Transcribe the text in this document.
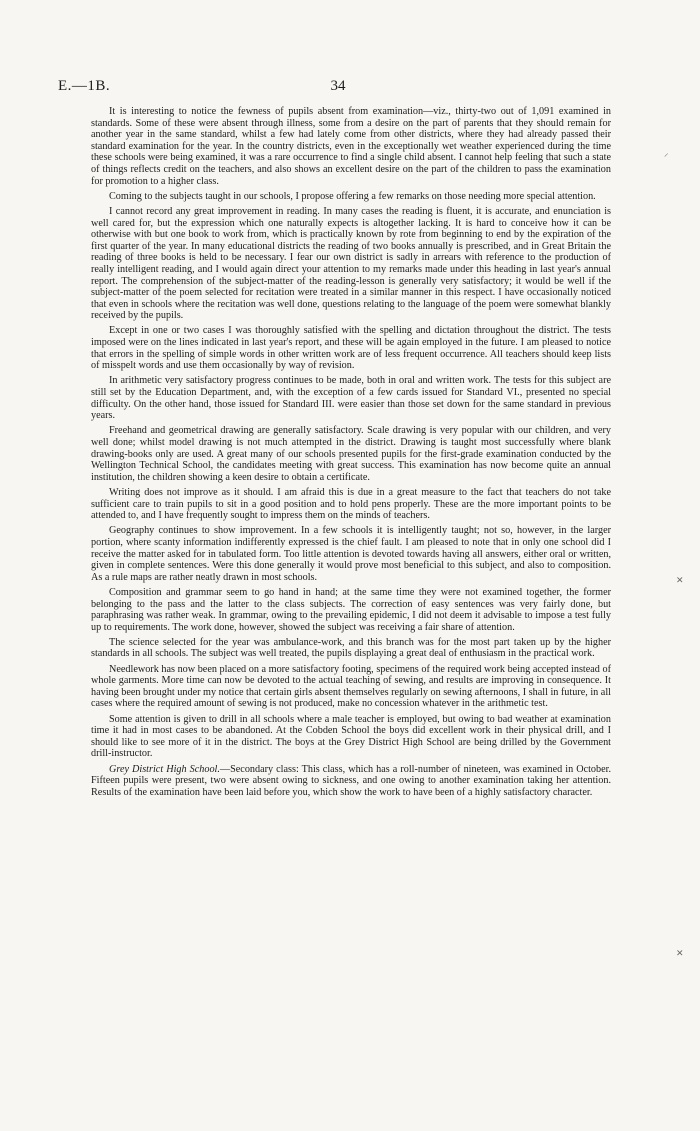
E.—1B.	34

It is interesting to notice the fewness of pupils absent from examination—viz., thirty-two out of 1,091 examined in standards. Some of these were absent through illness, some from a desire on the part of parents that they should remain for another year in the same standard, whilst a few had lately come from other districts, where they had already passed their standard examination for the year. In the country districts, even in the exceptionally wet weather experienced during the time these schools were being examined, it was a rare occurrence to find a single child absent. I cannot help feeling that such a state of things reflects credit on the teachers, and also shows an excellent desire on the part of the children to pass the examination for promotion to a higher class.

Coming to the subjects taught in our schools, I propose offering a few remarks on those needing more special attention.

I cannot record any great improvement in reading. In many cases the reading is fluent, it is accurate, and enunciation is well cared for, but the expression which one naturally expects is altogether lacking. It is hard to conceive how it can be otherwise with but one book to work from, which is practically known by rote from beginning to end by the expiration of the first quarter of the year. In many educational districts the reading of two books annually is prescribed, and in Great Britain the reading of three books is held to be necessary. I fear our own district is sadly in arrears with reference to the production of really intelligent reading, and I would again direct your attention to my remarks made under this heading in last year's annual report. The comprehension of the subject-matter of the reading-lesson is generally very satisfactory; it would be well if the subject-matter of the poem selected for recitation were treated in a similar manner in this respect. I have occasionally noticed that even in schools where the recitation was well done, questions relating to the language of the poem were somewhat blankly received by the pupils.

Except in one or two cases I was thoroughly satisfied with the spelling and dictation throughout the district. The tests imposed were on the lines indicated in last year's report, and these will be again employed in the future. I am pleased to notice that errors in the spelling of simple words in other written work are of less frequent occurrence. All teachers should keep lists of misspelt words and use them occasionally by way of revision.

In arithmetic very satisfactory progress continues to be made, both in oral and written work. The tests for this subject are still set by the Education Department, and, with the exception of a few cards issued for Standard VI., presented no special difficulty. On the other hand, those issued for Standard III. were easier than those set down for the same standard in previous years.

Freehand and geometrical drawing are generally satisfactory. Scale drawing is very popular with our children, and very well done; whilst model drawing is not much attempted in the district. Drawing is taught most successfully where blank drawing-books only are used. A great many of our schools presented pupils for the first-grade examination conducted by the Wellington Technical School, the candidates meeting with great success. This examination has now become quite an annual institution, the children showing a keen desire to obtain a certificate.

Writing does not improve as it should. I am afraid this is due in a great measure to the fact that teachers do not take sufficient care to train pupils to sit in a good position and to hold pens properly. These are the more important points to be attended to, and I have frequently sought to impress them on the minds of teachers.

Geography continues to show improvement. In a few schools it is intelligently taught; not so, however, in the larger portion, where scanty information indifferently expressed is the chief fault. I am pleased to note that in only one school did I receive the matter asked for in tabulated form. Too little attention is devoted towards having all answers, either oral or written, given in complete sentences. Were this done generally it would prove most beneficial to this subject, and also to composition. As a rule maps are rather neatly drawn in most schools.

Composition and grammar seem to go hand in hand; at the same time they were not examined together, the former belonging to the pass and the latter to the class subjects. The correction of easy sentences was very fairly done, but paraphrasing was rather weak. In grammar, owing to the prevailing epidemic, I did not deem it advisable to impose a test fully up to requirements. The work done, however, showed the subject was receiving a fair share of attention.

The science selected for the year was ambulance-work, and this branch was for the most part taken up by the higher standards in all schools. The subject was well treated, the pupils displaying a great deal of enthusiasm in the practical work.

Needlework has now been placed on a more satisfactory footing, specimens of the required work being accepted instead of whole garments. More time can now be devoted to the actual teaching of sewing, and results are improving in consequence. It having been brought under my notice that certain girls absent themselves regularly on sewing afternoons, I shall in future, in all cases where the required amount of sewing is not produced, make no concession whatever in the arithmetic test.

Some attention is given to drill in all schools where a male teacher is employed, but owing to bad weather at examination time it had in most cases to be abandoned. At the Cobden School the boys did excellent work in their physical drill, and I should like to see more of it in the district. The boys at the Grey District High School are being drilled by the Government drill-instructor.

Grey District High School.—Secondary class: This class, which has a roll-number of nineteen, was examined in October. Fifteen pupils were present, two were absent owing to sickness, and one owing to another examination taking her attention. Results of the examination have been laid before you, which show the work to have been of a highly satisfactory character.

⸝
✕
✕
